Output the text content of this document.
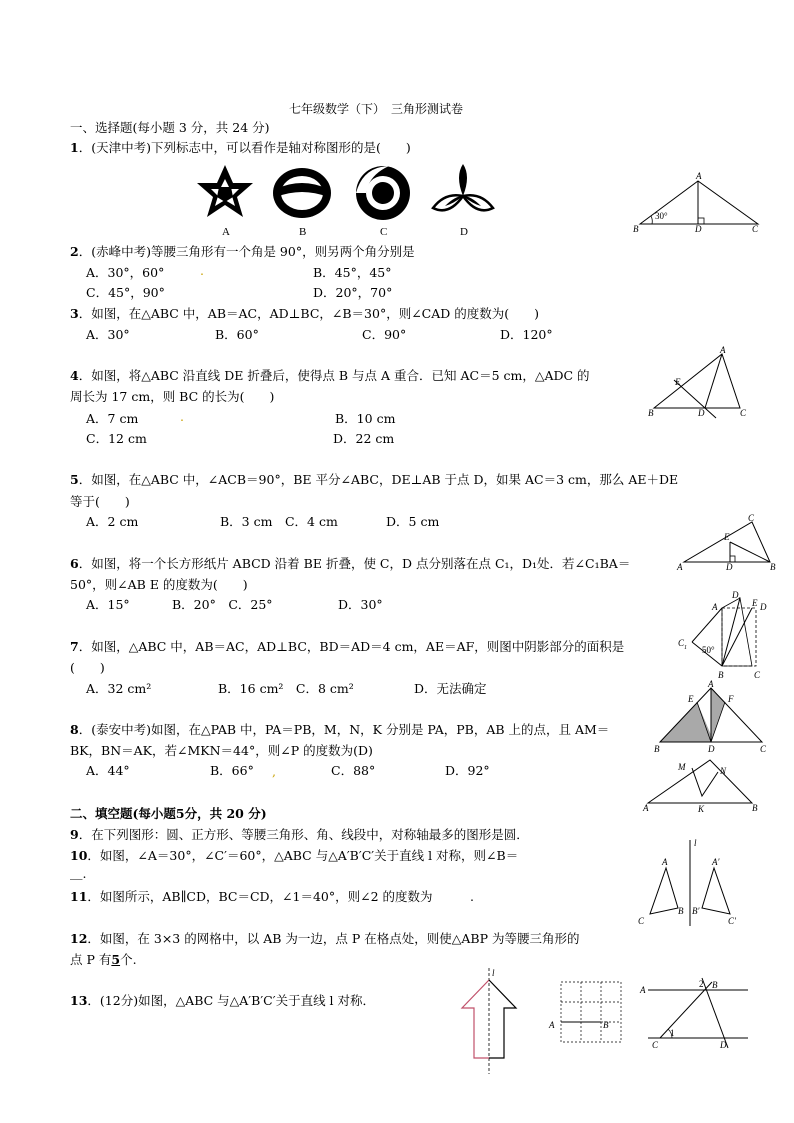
七年级数学（下）　三角形测试卷
一、选择题(每小题 3 分，共 24 分)
1．(天津中考)下列标志中，可以看作是轴对称图形的是(　　)
A	B	C	D
A
B	C
D
30°
2．(赤峰中考)等腰三角形有一个角是 90°，则另两个角分别是
A．30°，60°	.	B．45°，45°
C．45°，90°	D．20°，70°
3．如图，在△ABC 中，AB＝AC，AD⊥BC，∠B＝30°，则∠CAD 的度数为(　　)
A．30°	B．60°	C．90°	D．120°
A
B	C
D
E
4．如图，将△ABC 沿直线 DE 折叠后，使得点 B 与点 A 重合．已知 AC＝5 cm，△ADC 的
周长为 17 cm，则 BC 的长为(　　)
A．7 cm	.	B．10 cm
C．12 cm	D．22 cm
5．如图，在△ABC 中，∠ACB＝90°，BE 平分∠ABC，DE⊥AB 于点 D，如果 AC＝3 cm，那么 AE＋DE
等于(　　)
A．2 cm	B．3 cm　C．4 cm	D．5 cm
A	B
C
D
E
6．如图，将一个长方形纸片 ABCD 沿着 BE 折叠，使 C，D 点分别落在点 C₁，D₁处．若∠C₁BA＝
50°，则∠AB E 的度数为(　　)
A．15°	B．20°　C．25°	D．30°	A
B	C
D
E
C 1
D 1
50°
7．如图，△ABC 中，AB＝AC，AD⊥BC，BD＝AD＝4 cm，AE＝AF，则图中阴影部分的面积是
(　　)
A．32 cm²	B．16 cm²　C．8 cm²	D．无法确定	A
B	C
D
E	F
8．(泰安中考)如图，在△PAB 中，PA＝PB，M，N，K 分别是 PA，PB，AB 上的点，且 AM＝
BK，BN＝AK，若∠MKN＝44°，则∠P 的度数为(D)
A．44°	B．66° ,	C．88°	D．92°
A	B
K
M	N
二、填空题(每小题5分，共 20 分)
9．在下列图形：圆、正方形、等腰三角形、角、线段中，对称轴最多的图形是圆．
10．如图，∠A＝30°，∠C′＝60°，△ABC 与△A′B′C′关于直线 l 对称，则∠B＝
＿.
l
A
B
C
A′
B′
C′
11．如图所示，AB∥CD，BC＝CD，∠1＝40°，则∠2 的度数为　　　.
12．如图，在 3×3 的网格中，以 AB 为一边，点 P 在格点处，则使△ABP 为等腰三角形的
点 P 有5个.
13．(12分)如图，△ABC 与△A′B′C′关于直线 l 对称．
l
A	B
A	B
C	D
1
2
